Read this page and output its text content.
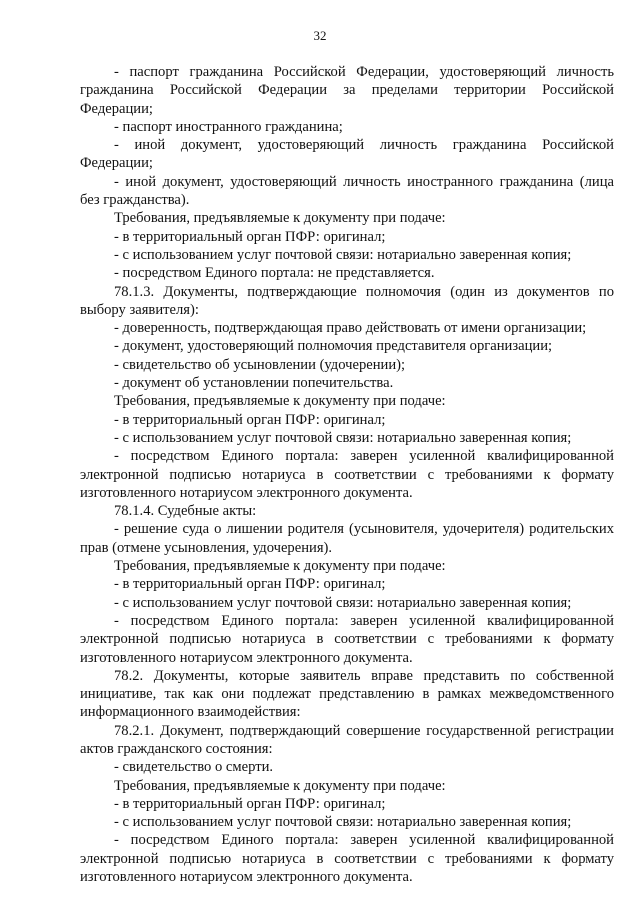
32

- паспорт гражданина Российской Федерации, удостоверяющий личность гражданина Российской Федерации за пределами территории Российской Федерации;

- паспорт иностранного гражданина;

- иной документ, удостоверяющий личность гражданина Российской Федерации;

- иной документ, удостоверяющий личность иностранного гражданина (лица без гражданства).

Требования, предъявляемые к документу при подаче:

- в территориальный орган ПФР: оригинал;

- с использованием услуг почтовой связи: нотариально заверенная копия;

- посредством Единого портала: не представляется.

78.1.3. Документы, подтверждающие полномочия (один из документов по выбору заявителя):

- доверенность, подтверждающая право действовать от имени организации;

- документ, удостоверяющий полномочия представителя организации;

- свидетельство об усыновлении (удочерении);

- документ об установлении попечительства.

Требования, предъявляемые к документу при подаче:

- в территориальный орган ПФР: оригинал;

- с использованием услуг почтовой связи: нотариально заверенная копия;

- посредством Единого портала: заверен усиленной квалифицированной электронной подписью нотариуса в соответствии с требованиями к формату изготовленного нотариусом электронного документа.

78.1.4. Судебные акты:

- решение суда о лишении родителя (усыновителя, удочерителя) родительских прав (отмене усыновления, удочерения).

Требования, предъявляемые к документу при подаче:

- в территориальный орган ПФР: оригинал;

- с использованием услуг почтовой связи: нотариально заверенная копия;

- посредством Единого портала: заверен усиленной квалифицированной электронной подписью нотариуса в соответствии с требованиями к формату изготовленного нотариусом электронного документа.

78.2. Документы, которые заявитель вправе представить по собственной инициативе, так как они подлежат представлению в рамках межведомственного информационного взаимодействия:

78.2.1. Документ, подтверждающий совершение государственной регистрации актов гражданского состояния:

- свидетельство о смерти.

Требования, предъявляемые к документу при подаче:

- в территориальный орган ПФР: оригинал;

- с использованием услуг почтовой связи: нотариально заверенная копия;

- посредством Единого портала: заверен усиленной квалифицированной электронной подписью нотариуса в соответствии с требованиями к формату изготовленного нотариусом электронного документа.
